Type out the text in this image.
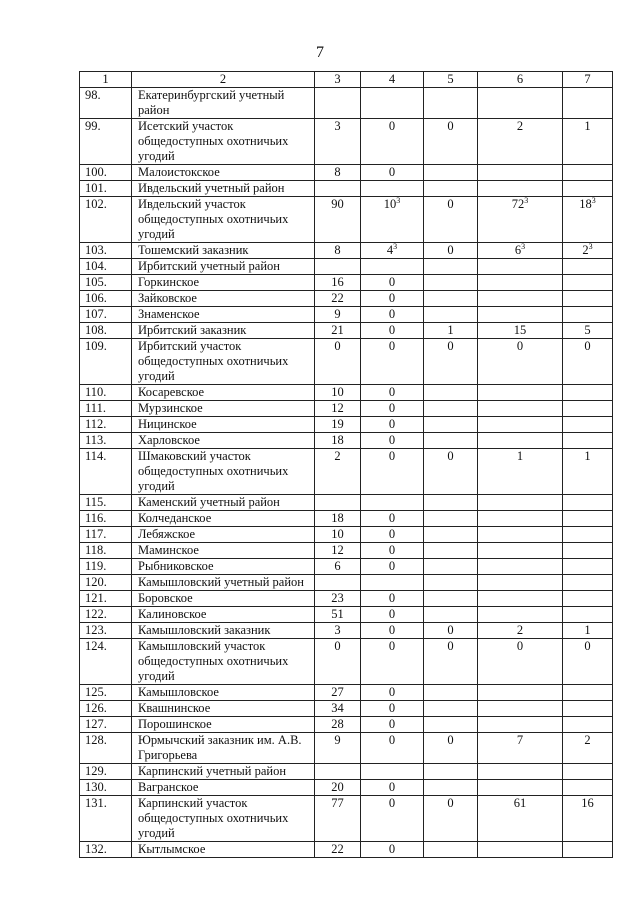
7
1	2	3	4	5	6	7
98.	Екатеринбургский учетный район					
99.	Исетский участок общедоступных охотничьих угодий	3	0	0	2	1
100.	Малоистокское	8	0			
101.	Ивдельский учетный район					
102.	Ивдельский участок общедоступных охотничьих угодий	90	$10^3$	0	$72^3$	$18^3$
103.	Тошемский заказник	8	$4^3$	0	$6^3$	$2^3$
104.	Ирбитский учетный район					
105.	Горкинское	16	0			
106.	Зайковское	22	0			
107.	Знаменское	9	0			
108.	Ирбитский заказник	21	0	1	15	5
109.	Ирбитский участок общедоступных охотничьих угодий	0	0	0	0	0
110.	Косаревское	10	0			
111.	Мурзинское	12	0			
112.	Ницинское	19	0			
113.	Харловское	18	0			
114.	Шмаковский участок общедоступных охотничьих угодий	2	0	0	1	1
115.	Каменский учетный район					
116.	Колчеданское	18	0			
117.	Лебяжское	10	0			
118.	Маминское	12	0			
119.	Рыбниковское	6	0			
120.	Камышловский учетный район					
121.	Боровское	23	0			
122.	Калиновское	51	0			
123.	Камышловский заказник	3	0	0	2	1
124.	Камышловский участок общедоступных охотничьих угодий	0	0	0	0	0
125.	Камышловское	27	0			
126.	Квашнинское	34	0			
127.	Порошинское	28	0			
128.	Юрмычский заказник им. А.В. Григорьева	9	0	0	7	2
129.	Карпинский учетный район					
130.	Вагранское	20	0			
131.	Карпинский участок общедоступных охотничьих угодий	77	0	0	61	16
132.	Кытлымское	22	0			
